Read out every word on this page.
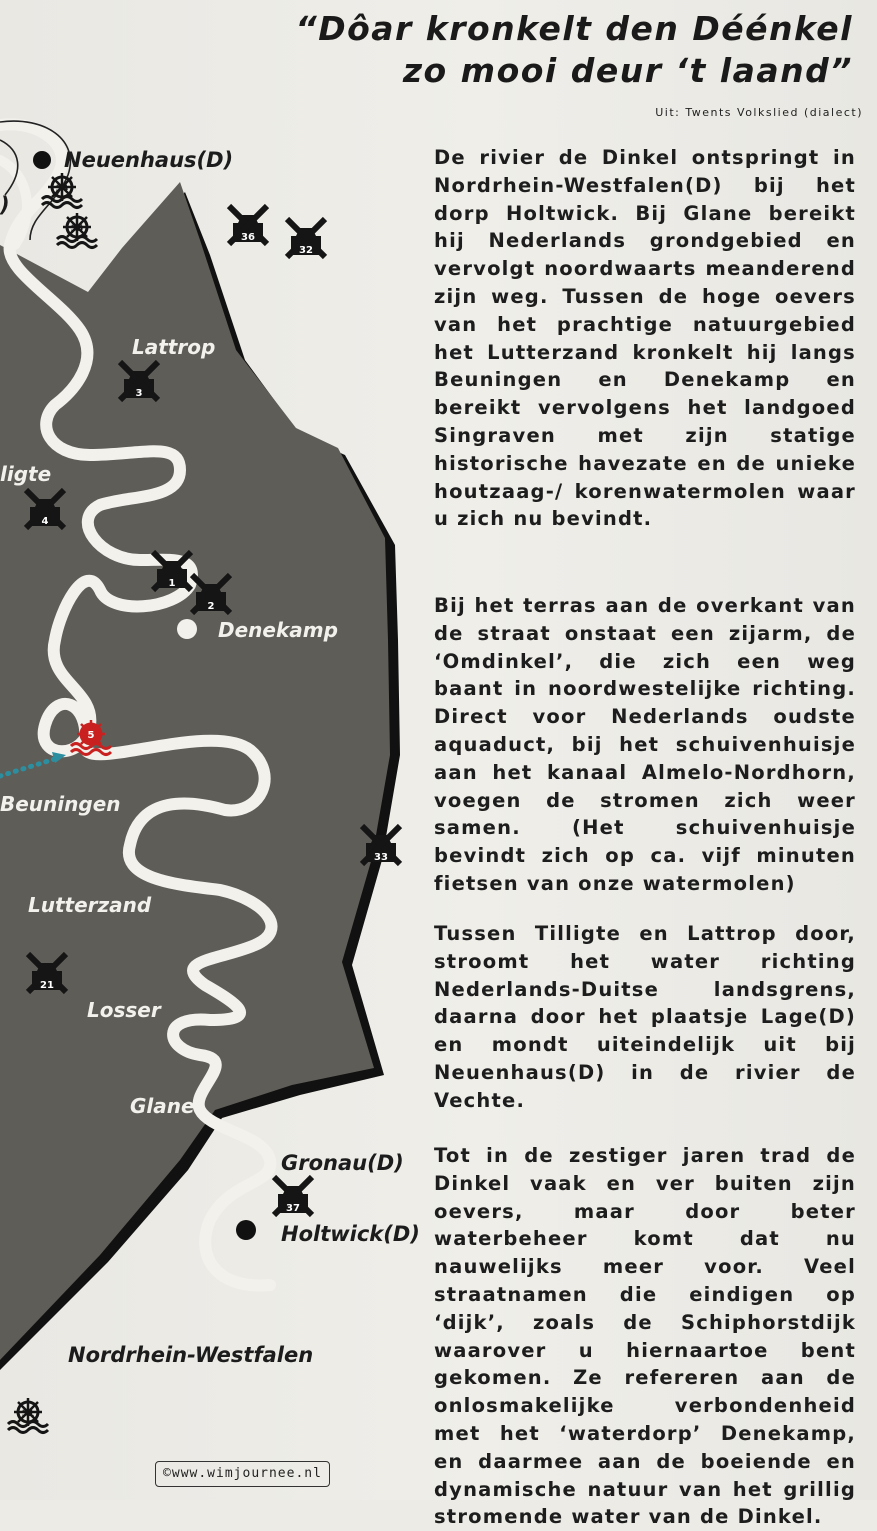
36
32
3
4
1
2
33
21
37
34
35
5
31
)
Neuenhaus(D)
Lattrop
ligte
Denekamp
Beuningen
Lutterzand
Losser
Glane
Gronau(D)
Holtwick(D)
Nordrhein-Westfalen
“Dôar kronkelt den Déénkel
zo mooi deur ‘t laand”
Uit: Twents Volkslied (dialect)

De rivier de Dinkel ontspringt in Nordrhein-Westfalen(D) bij het dorp Holtwick. Bij Glane bereikt hij Nederlands grondgebied en vervolgt noordwaarts meanderend zijn weg. Tussen de hoge oevers van het prachtige natuurgebied het Lutterzand kronkelt hij langs Beuningen en Denekamp en bereikt vervolgens het landgoed Singraven met zijn statige historische havezate en de unieke houtzaag-/ korenwatermolen waar u zich nu bevindt.

Bij het terras aan de overkant van de straat onstaat een zijarm, de ‘Omdinkel’, die zich een weg baant in noordwestelijke richting. Direct voor Nederlands oudste aquaduct, bij het schuivenhuisje aan het kanaal Almelo-Nordhorn, voegen de stromen zich weer samen. (Het schuivenhuisje bevindt zich op ca. vijf minuten fietsen van onze watermolen)

Tussen Tilligte en Lattrop door, stroomt het water richting Nederlands-Duitse landsgrens, daarna door het plaatsje Lage(D) en mondt uiteindelijk uit bij Neuenhaus(D) in de rivier de Vechte.

Tot in de zestiger jaren trad de Dinkel vaak en ver buiten zijn oevers, maar door beter waterbeheer komt dat nu nauwelijks meer voor. Veel straatnamen die eindigen op ‘dijk’, zoals de Schiphorstdijk waarover u hiernaartoe bent gekomen. Ze refereren aan de onlosmakelijke verbondenheid met het ‘waterdorp’ Denekamp, en daarmee aan de boeiende en dynamische natuur van het grillig stromende water van de Dinkel.

©www.wimjournee.nl
